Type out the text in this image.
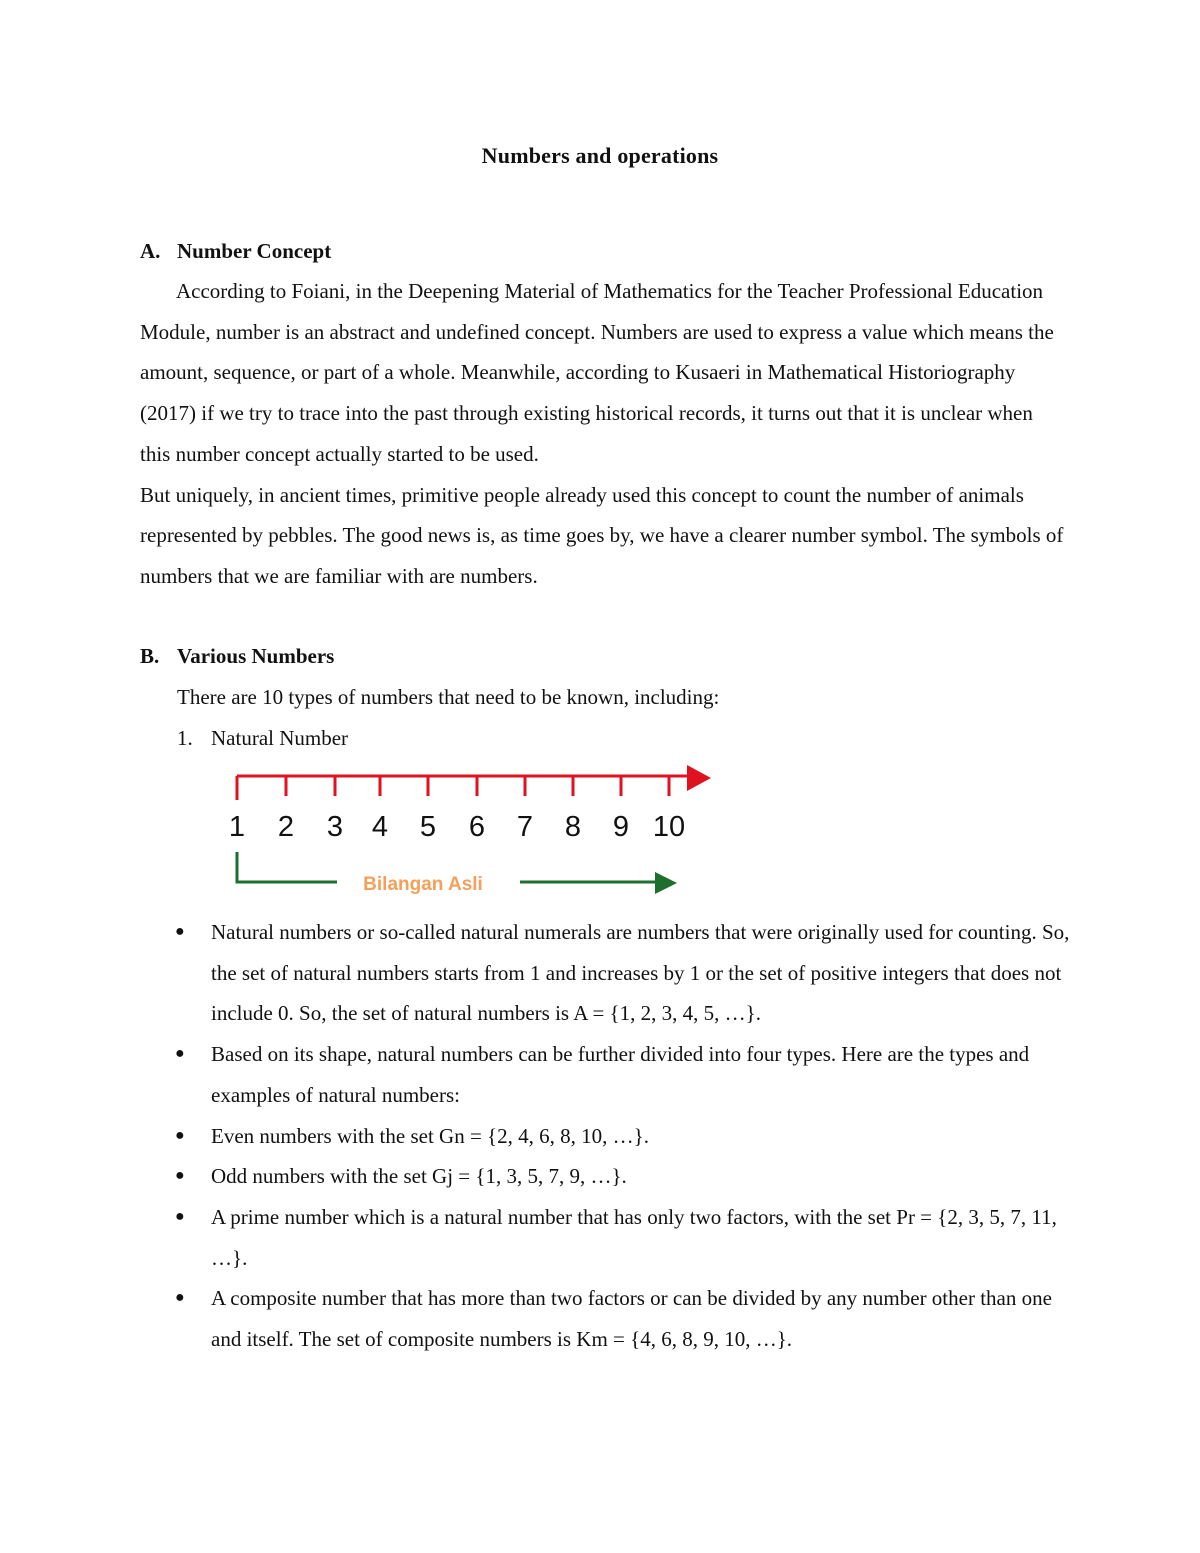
Numbers and operations
A. Number Concept

According to Foiani, in the Deepening Material of Mathematics for the Teacher Professional Education Module, number is an abstract and undefined concept. Numbers are used to express a value which means the amount, sequence, or part of a whole. Meanwhile, according to Kusaeri in Mathematical Historiography (2017) if we try to trace into the past through existing historical records, it turns out that it is unclear when this number concept actually started to be used.

But uniquely, in ancient times, primitive people already used this concept to count the number of animals represented by pebbles. The good news is, as time goes by, we have a clearer number symbol. The symbols of numbers that we are familiar with are numbers.

B. Various Numbers
There are 10 types of numbers that need to be known, including:
1. Natural Number
1 2 3 4 5 6 7 8 9 10
Bilangan Asli
● Natural numbers or so-called natural numerals are numbers that were originally used for counting. So, the set of natural numbers starts from 1 and increases by 1 or the set of positive integers that does not include 0. So, the set of natural numbers is A = {1, 2, 3, 4, 5, …}.
● Based on its shape, natural numbers can be further divided into four types. Here are the types and examples of natural numbers:
● Even numbers with the set Gn = {2, 4, 6, 8, 10, …}.
● Odd numbers with the set Gj = {1, 3, 5, 7, 9, …}.
● A prime number which is a natural number that has only two factors, with the set Pr = {2, 3, 5, 7, 11, …}.
● A composite number that has more than two factors or can be divided by any number other than one and itself. The set of composite numbers is Km = {4, 6, 8, 9, 10, …}.
